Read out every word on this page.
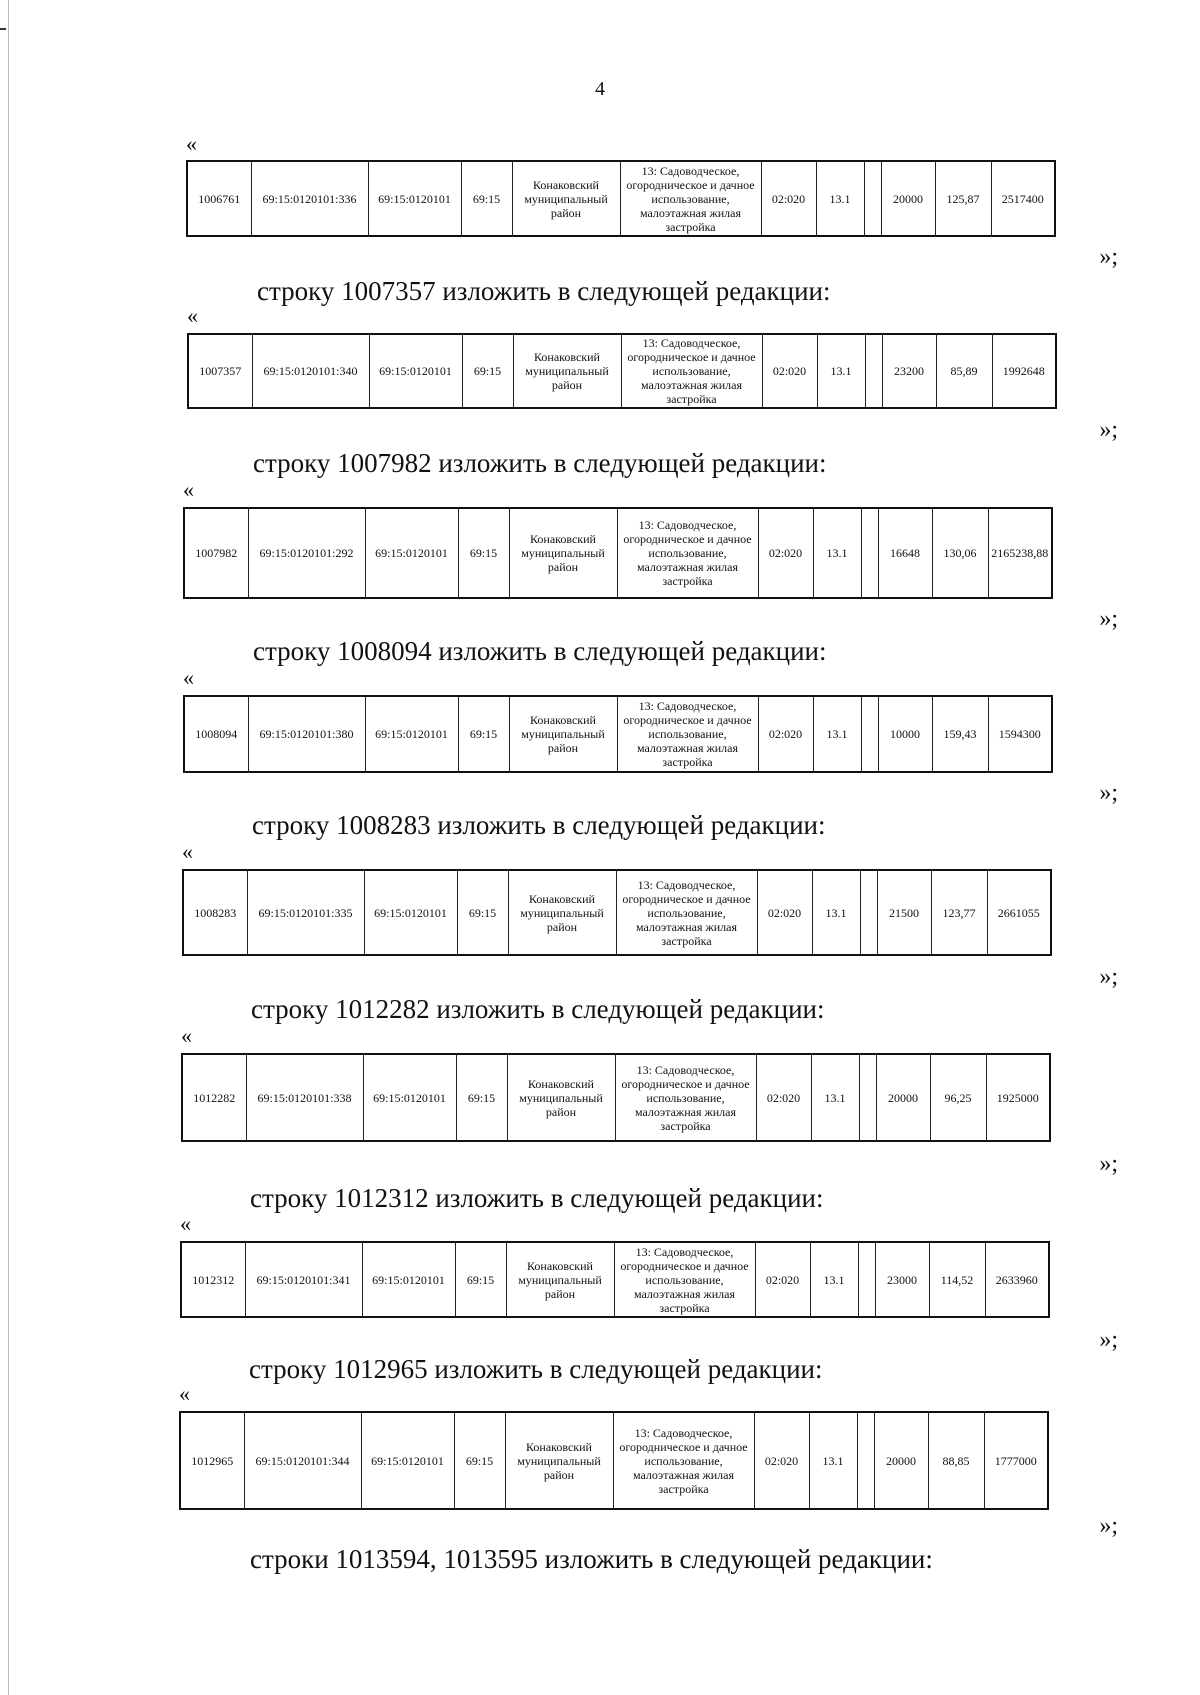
4
«
1006761	69:15:0120101:336	69:15:0120101	69:15	Конаковский муниципальный район	13: Садоводческое, огородническое и дачное использование, малоэтажная жилая застройка	02:020	13.1		20000	125,87	2517400
»;
строку 1007357 изложить в следующей редакции:
«
1007357	69:15:0120101:340	69:15:0120101	69:15	Конаковский муниципальный район	13: Садоводческое, огородническое и дачное использование, малоэтажная жилая застройка	02:020	13.1		23200	85,89	1992648
»;
строку 1007982 изложить в следующей редакции:
«
1007982	69:15:0120101:292	69:15:0120101	69:15	Конаковский муниципальный район	13: Садоводческое, огородническое и дачное использование, малоэтажная жилая застройка	02:020	13.1		16648	130,06	2165238,88
»;
строку 1008094 изложить в следующей редакции:
«
1008094	69:15:0120101:380	69:15:0120101	69:15	Конаковский муниципальный район	13: Садоводческое, огородническое и дачное использование, малоэтажная жилая застройка	02:020	13.1		10000	159,43	1594300
»;
строку 1008283 изложить в следующей редакции:
«
1008283	69:15:0120101:335	69:15:0120101	69:15	Конаковский муниципальный район	13: Садоводческое, огородническое и дачное использование, малоэтажная жилая застройка	02:020	13.1		21500	123,77	2661055
»;
строку 1012282 изложить в следующей редакции:
«
1012282	69:15:0120101:338	69:15:0120101	69:15	Конаковский муниципальный район	13: Садоводческое, огородническое и дачное использование, малоэтажная жилая застройка	02:020	13.1		20000	96,25	1925000
»;
строку 1012312 изложить в следующей редакции:
«
1012312	69:15:0120101:341	69:15:0120101	69:15	Конаковский муниципальный район	13: Садоводческое, огородническое и дачное использование, малоэтажная жилая застройка	02:020	13.1		23000	114,52	2633960
»;
строку 1012965 изложить в следующей редакции:
«
1012965	69:15:0120101:344	69:15:0120101	69:15	Конаковский муниципальный район	13: Садоводческое, огородническое и дачное использование, малоэтажная жилая застройка	02:020	13.1		20000	88,85	1777000
»;
строки 1013594, 1013595 изложить в следующей редакции:
